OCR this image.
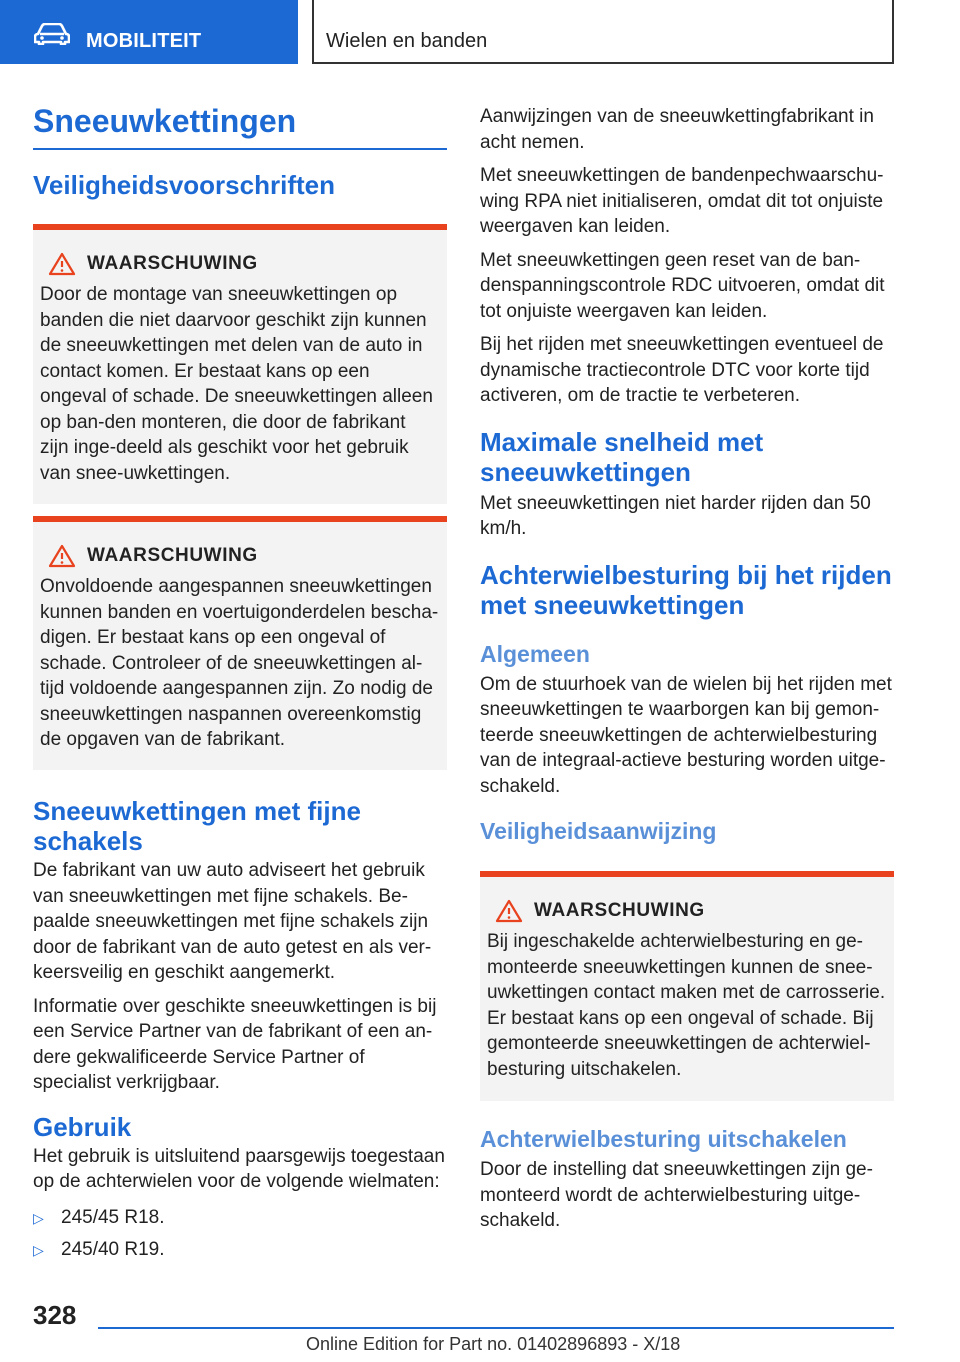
MOBILITEIT	Wielen en banden
Sneeuwkettingen
Veiligheidsvoorschriften
WAARSCHUWING

Door de montage van sneeuwkettingen op banden die niet daarvoor geschikt zijn kunnen de sneeuwkettingen met delen van de auto in contact komen. Er bestaat kans op een ongeval of schade. De sneeuwkettingen alleen op ban-den monteren, die door de fabrikant zijn inge-deeld als geschikt voor het gebruik van snee-uwkettingen.

WAARSCHUWING

Onvoldoende aangespannen sneeuwkettingen kunnen banden en voertuigonderdelen bescha-digen. Er bestaat kans op een ongeval of schade. Controleer of de sneeuwkettingen al-tijd voldoende aangespannen zijn. Zo nodig de sneeuwkettingen naspannen overeenkomstig de opgaven van de fabrikant.

Sneeuwkettingen met fijne schakels

De fabrikant van uw auto adviseert het gebruik van sneeuwkettingen met fijne schakels. Be-paalde sneeuwkettingen met fijne schakels zijn door de fabrikant van de auto getest en als ver-keersveilig en geschikt aangemerkt.

Informatie over geschikte sneeuwkettingen is bij een Service Partner van de fabrikant of een an-dere gekwalificeerde Service Partner of specialist verkrijgbaar.

Gebruik

Het gebruik is uitsluitend paarsgewijs toegestaan op de achterwielen voor de volgende wielmaten:

▷ 245/45 R18.
▷ 245/40 R19.

Aanwijzingen van de sneeuwkettingfabrikant in acht nemen.

Met sneeuwkettingen de bandenpechwaarschu-wing RPA niet initialiseren, omdat dit tot onjuiste weergaven kan leiden.

Met sneeuwkettingen geen reset van de ban-denspanningscontrole RDC uitvoeren, omdat dit tot onjuiste weergaven kan leiden.

Bij het rijden met sneeuwkettingen eventueel de dynamische tractiecontrole DTC voor korte tijd activeren, om de tractie te verbeteren.

Maximale snelheid met sneeuwkettingen

Met sneeuwkettingen niet harder rijden dan 50 km/h.

Achterwielbesturing bij het rijden met sneeuwkettingen
Algemeen

Om de stuurhoek van de wielen bij het rijden met sneeuwkettingen te waarborgen kan bij gemon-teerde sneeuwkettingen de achterwielbesturing van de integraal-actieve besturing worden uitge-schakeld.

Veiligheidsaanwijzing
WAARSCHUWING

Bij ingeschakelde achterwielbesturing en ge-monteerde sneeuwkettingen kunnen de snee-uwkettingen contact maken met de carrosserie. Er bestaat kans op een ongeval of schade. Bij gemonteerde sneeuwkettingen de achterwiel-besturing uitschakelen.

Achterwielbesturing uitschakelen

Door de instelling dat sneeuwkettingen zijn ge-monteerd wordt de achterwielbesturing uitge-schakeld.

328
Online Edition for Part no. 01402896893 - X/18
